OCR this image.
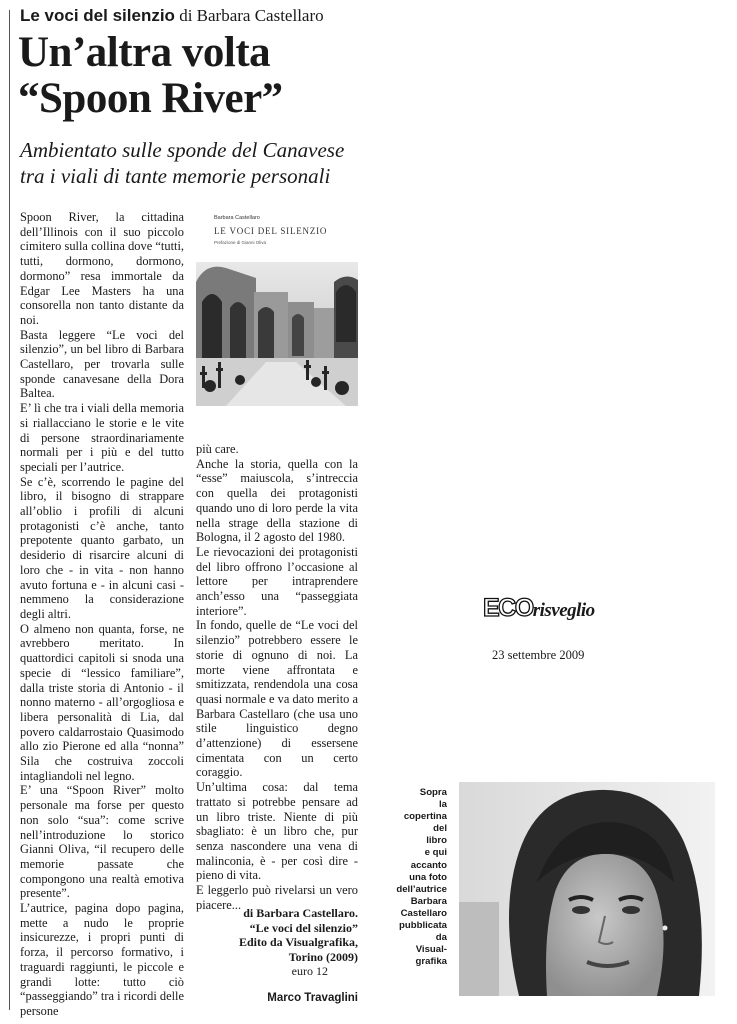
Le voci del silenzio di Barbara Castellaro
Un’altra volta
“Spoon River”
Ambientato sulle sponde del Canavese
tra i viali di tante memorie personali

Spoon River, la cittadina dell’Illinois con il suo piccolo cimitero sulla collina dove “tutti, tutti, dormono, dormono, dormono” resa immortale da Edgar Lee Masters ha una consorella non tanto distante da noi.

Basta leggere “Le voci del silenzio”, un bel libro di Barbara Castellaro, per trovarla sulle sponde canavesane della Dora Baltea.

E’ lì che tra i viali della memoria si riallacciano le storie e le vite di persone straordinariamente normali per i più e del tutto speciali per l’autrice.

Se c’è, scorrendo le pagine del libro, il bisogno di strappare all’oblio i profili di alcuni protagonisti c’è anche, tanto prepotente quanto garbato, un desiderio di risarcire alcuni di loro che - in vita - non hanno avuto fortuna e - in alcuni casi - nemmeno la considerazione degli altri.

O almeno non quanta, forse, ne avrebbero meritato. In quattordici capitoli si snoda una specie di “lessico familiare”, dalla triste storia di Antonio - il nonno materno - all’orgogliosa e libera personalità di Lia, dal povero caldarrostaio Quasimodo allo zio Pierone ed alla “nonna” Sila che costruiva zoccoli intagliandoli nel legno.

E’ una “Spoon River” molto personale ma forse per questo non solo “sua”: come scrive nell’introduzione lo storico Gianni Oliva, “il recupero delle memorie passate che compongono una realtà emotiva presente”.

L’autrice, pagina dopo pagina, mette a nudo le proprie insicurezze, i propri punti di forza, il percorso formativo, i traguardi raggiunti, le piccole e grandi lotte: tutto ciò “passeggiando” tra i ricordi delle persone

Barbara Castellaro
LE VOCI DEL SILENZIO
Prefazione di Gianni Oliva

più care.

Anche la storia, quella con la “esse” maiuscola, s’intreccia con quella dei protagonisti quando uno di loro perde la vita nella strage della stazione di Bologna, il 2 agosto del 1980.

Le rievocazioni dei protagonisti del libro offrono l’occasione al lettore per intraprendere anch’esso una “passeggiata interiore”.

In fondo, quelle de “Le voci del silenzio” potrebbero essere le storie di ognuno di noi. La morte viene affrontata e smitizzata, rendendola una cosa quasi normale e va dato merito a Barbara Castellaro (che usa uno stile linguistico degno d’attenzione) di essersene cimentata con un certo coraggio.

Un’ultima cosa: dal tema trattato si potrebbe pensare ad un libro triste. Niente di più sbagliato: è un libro che, pur senza nascondere una vena di malinconia, è - per così dire - pieno di vita.

E leggerlo può rivelarsi un vero piacere...

di Barbara Castellaro.
“Le voci del silenzio”
Edito da Visualgrafika,
Torino (2009)
euro 12
Marco Travaglini
ECOrisveglio
23 settembre 2009
Sopra
la
copertina
del
libro
e qui
accanto
una foto
dell’autrice
Barbara
Castellaro
pubblicata
da
Visual-
grafika
